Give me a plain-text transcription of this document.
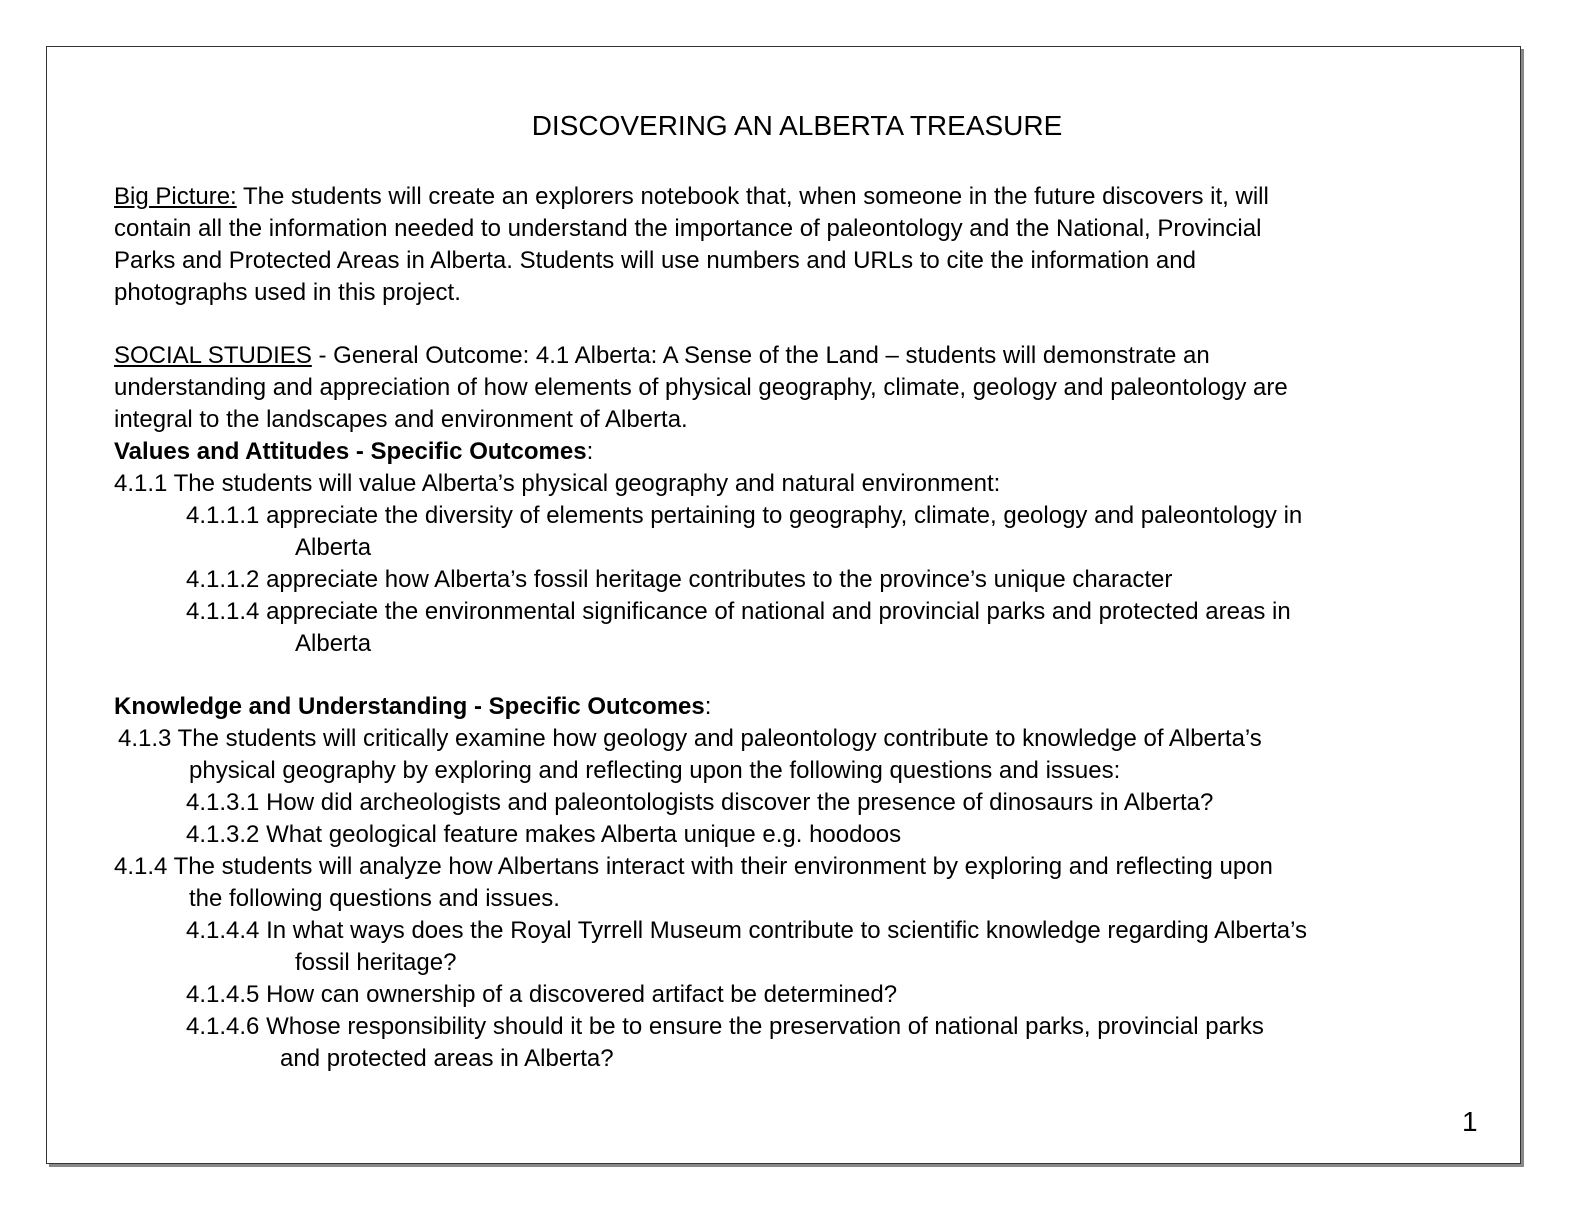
DISCOVERING AN ALBERTA TREASURE
Big Picture: The students will create an explorers notebook that, when someone in the future discovers it, will
contain all the information needed to understand the importance of paleontology and the National, Provincial
Parks and Protected Areas in Alberta. Students will use numbers and URLs to cite the information and
photographs used in this project.
SOCIAL STUDIES - General Outcome: 4.1 Alberta: A Sense of the Land – students will demonstrate an
understanding and appreciation of how elements of physical geography, climate, geology and paleontology are
integral to the landscapes and environment of Alberta.
Values and Attitudes - Specific Outcomes:
4.1.1 The students will value Alberta’s physical geography and natural environment:
4.1.1.1 appreciate the diversity of elements pertaining to geography, climate, geology and paleontology in
Alberta
4.1.1.2 appreciate how Alberta’s fossil heritage contributes to the province’s unique character
4.1.1.4 appreciate the environmental significance of national and provincial parks and protected areas in
Alberta
Knowledge and Understanding - Specific Outcomes:
4.1.3 The students will critically examine how geology and paleontology contribute to knowledge of Alberta’s
physical geography by exploring and reflecting upon the following questions and issues:
4.1.3.1 How did archeologists and paleontologists discover the presence of dinosaurs in Alberta?
4.1.3.2 What geological feature makes Alberta unique e.g. hoodoos
4.1.4 The students will analyze how Albertans interact with their environment by exploring and reflecting upon
the following questions and issues.
4.1.4.4 In what ways does the Royal Tyrrell Museum contribute to scientific knowledge regarding Alberta’s
fossil heritage?
4.1.4.5 How can ownership of a discovered artifact be determined?
4.1.4.6 Whose responsibility should it be to ensure the preservation of national parks, provincial parks
and protected areas in Alberta?
1
